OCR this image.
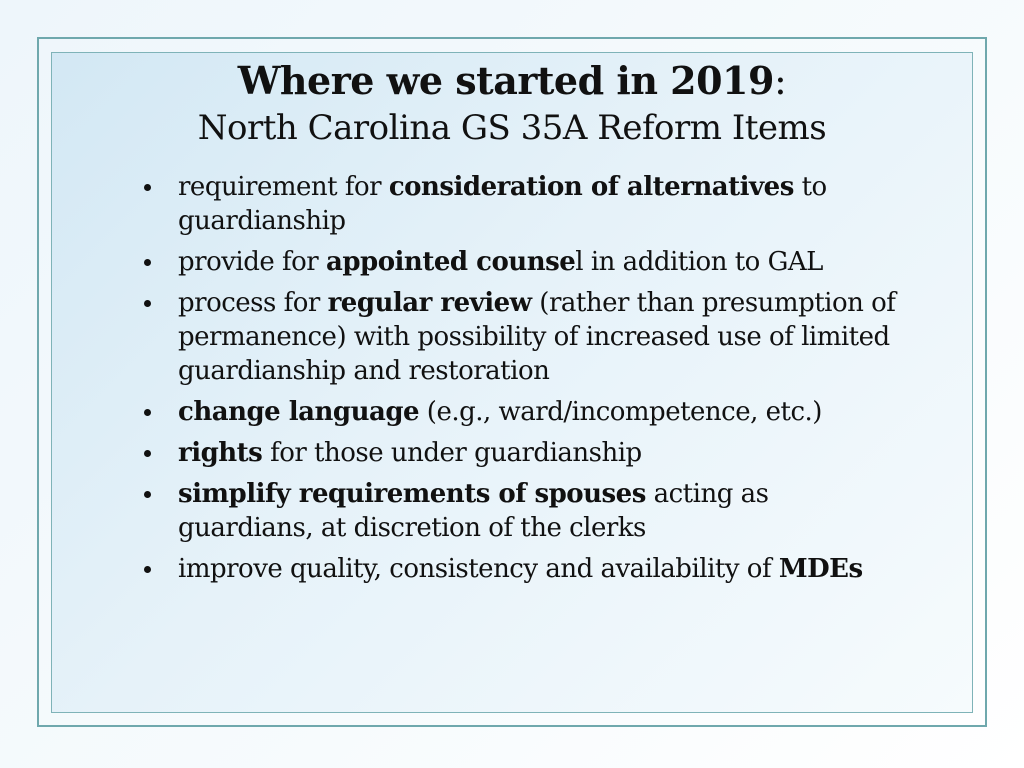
Where we started in 2019:
North Carolina GS 35A Reform Items
requirement for consideration of alternatives to guardianship
provide for appointed counsel in addition to GAL
process for regular review (rather than presumption of permanence) with possibility of increased use of limited guardianship and restoration
change language (e.g., ward/incompetence, etc.)
rights for those under guardianship
simplify requirements of spouses acting as guardians, at discretion of the clerks
improve quality, consistency and availability of MDEs
